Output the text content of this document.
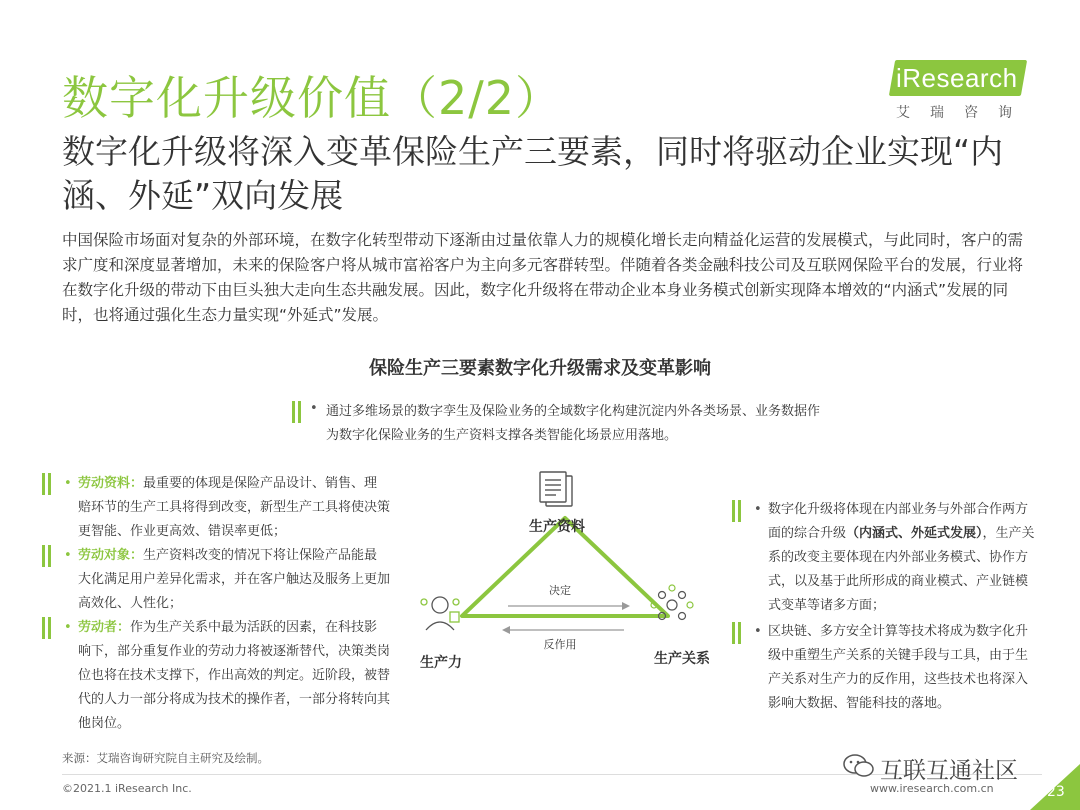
数字化升级价值（2/2）	iResearch
艾瑞咨询
数字化升级将深入变革保险生产三要素，同时将驱动企业实现“内涵、外延”双向发展
中国保险市场面对复杂的外部环境，在数字化转型带动下逐渐由过量依靠人力的规模化增长走向精益化运营的发展模式，与此同时，客户的需求广度和深度显著增加，未来的保险客户将从城市富裕客户为主向多元客群转型。伴随着各类金融科技公司及互联网保险平台的发展，行业将在数字化升级的带动下由巨头独大走向生态共融发展。因此，数字化升级将在带动企业本身业务模式创新实现降本增效的“内涵式”发展的同时，也将通过强化生态力量实现“外延式”发展。
保险生产三要素数字化升级需求及变革影响
• 通过多维场景的数字孪生及保险业务的全域数字化构建沉淀内外各类场景、业务数据作为数字化保险业务的生产资料支撑各类智能化场景应用落地。
• 劳动资料：最重要的体现是保险产品设计、销售、理赔环节的生产工具将得到改变，新型生产工具将使决策更智能、作业更高效、错误率更低；
• 劳动对象：生产资料改变的情况下将让保险产品能最大化满足用户差异化需求，并在客户触达及服务上更加高效化、人性化；
• 劳动者：作为生产关系中最为活跃的因素，在科技影响下，部分重复作业的劳动力将被逐渐替代，决策类岗位也将在技术支撑下，作出高效的判定。近阶段，被替代的人力一部分将成为技术的操作者，一部分将转向其他岗位。
决定
反作用
生产资料
生产力	生产关系
• 数字化升级将体现在内部业务与外部合作两方面的综合升级（内涵式、外延式发展），生产关系的改变主要体现在内外部业务模式、协作方式，以及基于此所形成的商业模式、产业链模式变革等诸多方面；
• 区块链、多方安全计算等技术将成为数字化升级中重塑生产关系的关键手段与工具，由于生产关系对生产力的反作用，这些技术也将深入影响大数据、智能科技的落地。
来源：艾瑞咨询研究院自主研究及绘制。
©2021.1 iResearch Inc.	www.iresearch.com.cn
互联互通社区
23
